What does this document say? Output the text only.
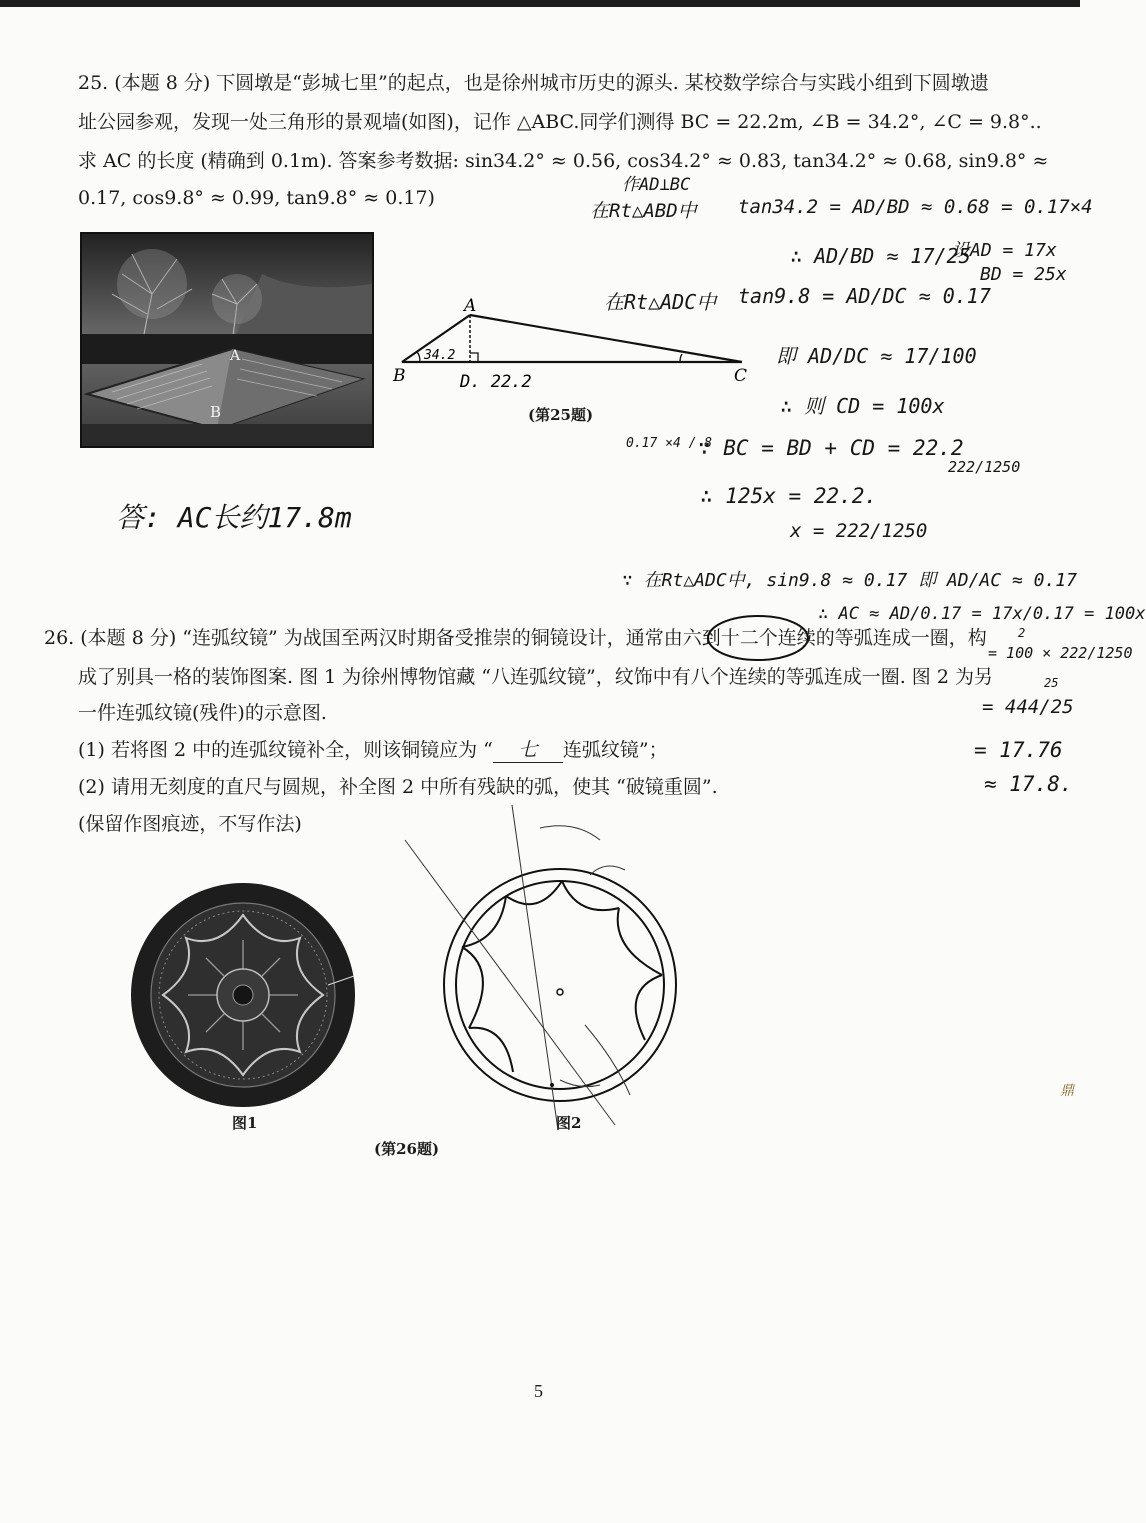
25. (本题 8 分) 下圆墩是“彭城七里”的起点，也是徐州城市历史的源头. 某校数学综合与实践小组到下圆墩遗
址公园参观，发现一处三角形的景观墙(如图)，记作 △ABC.同学们测得 BC = 22.2m, ∠B = 34.2°, ∠C = 9.8°..
求 AC 的长度 (精确到 0.1m). 答案参考数据: sin34.2° ≈ 0.56, cos34.2° ≈ 0.83, tan34.2° ≈ 0.68, sin9.8° ≈
0.17, cos9.8° ≈ 0.99, tan9.8° ≈ 0.17)
A
B
A
B	C
34.2
D. 22.2
(第25题)
作AD⊥BC
在Rt△ABD中 tan34.2 = AD/BD ≈ 0.68 = 0.17×4
∴ AD/BD ≈ 17/25
设AD = 17x
BD = 25x
在Rt△ADC中 tan9.8 = AD/DC ≈ 0.17
即 AD/DC ≈ 17/100
∴ 则 CD = 100x
∵ BC = BD + CD = 22.2
∴ 125x = 22.2.
x = 222/1250
222/1250
0.17 ×4 / 8
∵ 在Rt△ADC中, sin9.8 ≈ 0.17 即 AD/AC ≈ 0.17
∴ AC ≈ AD/0.17 = 17x/0.17 = 100x
= 100 × 222/1250
= 444/25
= 17.76
≈ 17.8.
2
25
答: AC长约17.8m
26. (本题 8 分) “连弧纹镜” 为战国至两汉时期备受推崇的铜镜设计，通常由六到十二个连续的等弧连成一圈，构
成了别具一格的装饰图案. 图 1 为徐州博物馆藏 “八连弧纹镜”，纹饰中有八个连续的等弧连成一圈. 图 2 为另
一件连弧纹镜(残件)的示意图.
(1) 若将图 2 中的连弧纹镜补全，则该铜镜应为 “ 七 连弧纹镜”；
(2) 请用无刻度的直尺与圆规，补全图 2 中所有残缺的弧，使其 “破镜重圆”.
(保留作图痕迹，不写作法)
图1	图2
(第26题)
鼎
5
